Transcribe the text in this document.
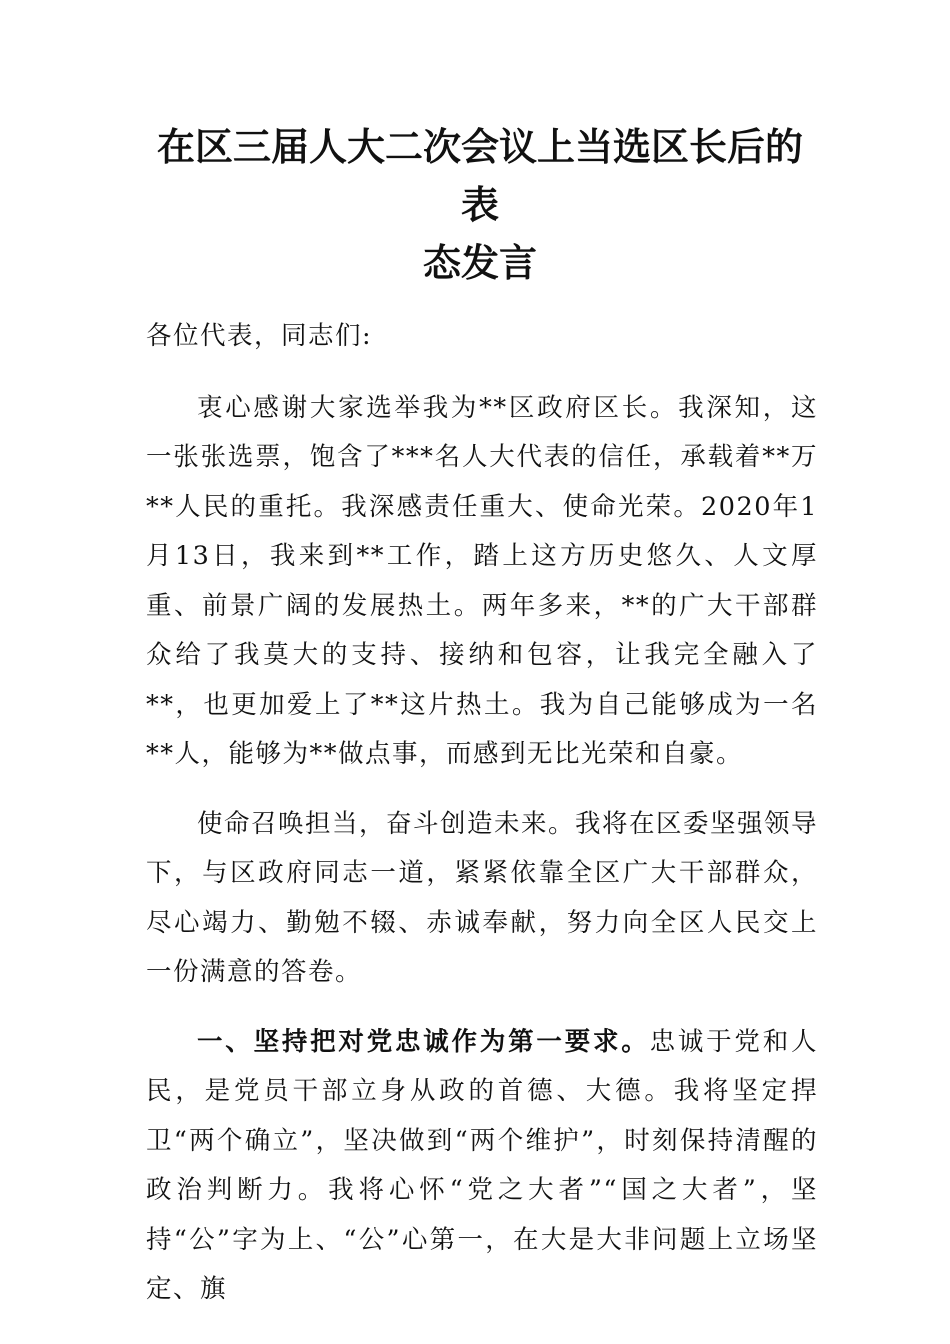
在区三届人大二次会议上当选区长后的表
态发言

各位代表，同志们:

衷心感谢大家选举我为**区政府区长。我深知，这一张张选票，饱含了***名人大代表的信任，承载着**万**人民的重托。我深感责任重大、使命光荣。2020年1月13日，我来到**工作，踏上这方历史悠久、人文厚重、前景广阔的发展热土。两年多来，**的广大干部群众给了我莫大的支持、接纳和包容，让我完全融入了**，也更加爱上了**这片热土。我为自己能够成为一名**人，能够为**做点事，而感到无比光荣和自豪。

使命召唤担当，奋斗创造未来。我将在区委坚强领导下，与区政府同志一道，紧紧依靠全区广大干部群众，尽心竭力、勤勉不辍、赤诚奉献，努力向全区人民交上一份满意的答卷。

一、坚持把对党忠诚作为第一要求。忠诚于党和人民，是党员干部立身从政的首德、大德。我将坚定捍卫“两个确立”，坚决做到“两个维护”，时刻保持清醒的政治判断力。我将心怀“党之大者”“国之大者”，坚持“公”字为上、“公”心第一，在大是大非问题上立场坚定、旗
